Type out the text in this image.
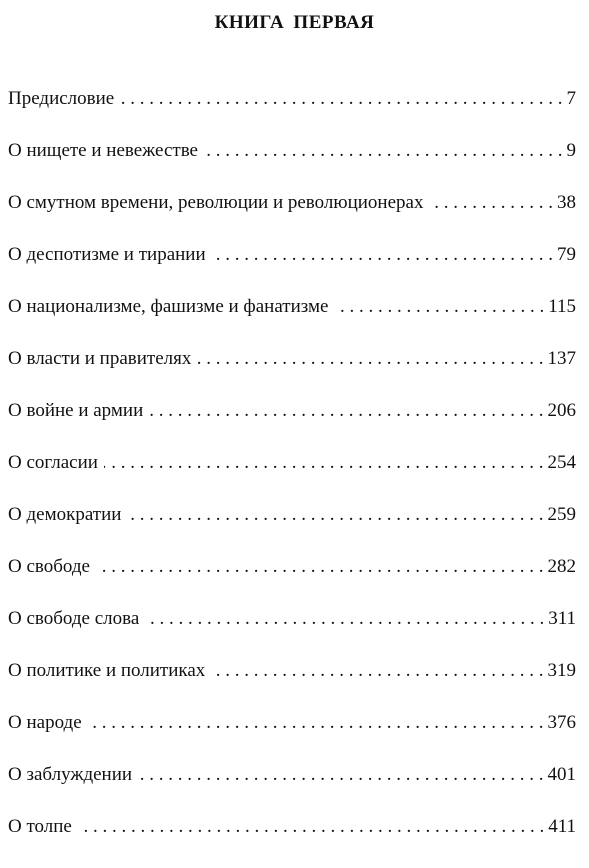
КНИГА ПЕРВАЯ
Предисловие . . .	7
О нищете и невежестве . . .	9
О смутном времени, революции и революционерах . . .	38
О деспотизме и тирании . . .	79
О национализме, фашизме и фанатизме . . .	115
О власти и правителях . . .	137
О войне и армии . . .	206
О согласии . . .	254
О демократии . . .	259
О свободе . . .	282
О свободе слова . . .	311
О политике и политиках . . .	319
О народе . . .	376
О заблуждении . . .	401
О толпе . . .	411
